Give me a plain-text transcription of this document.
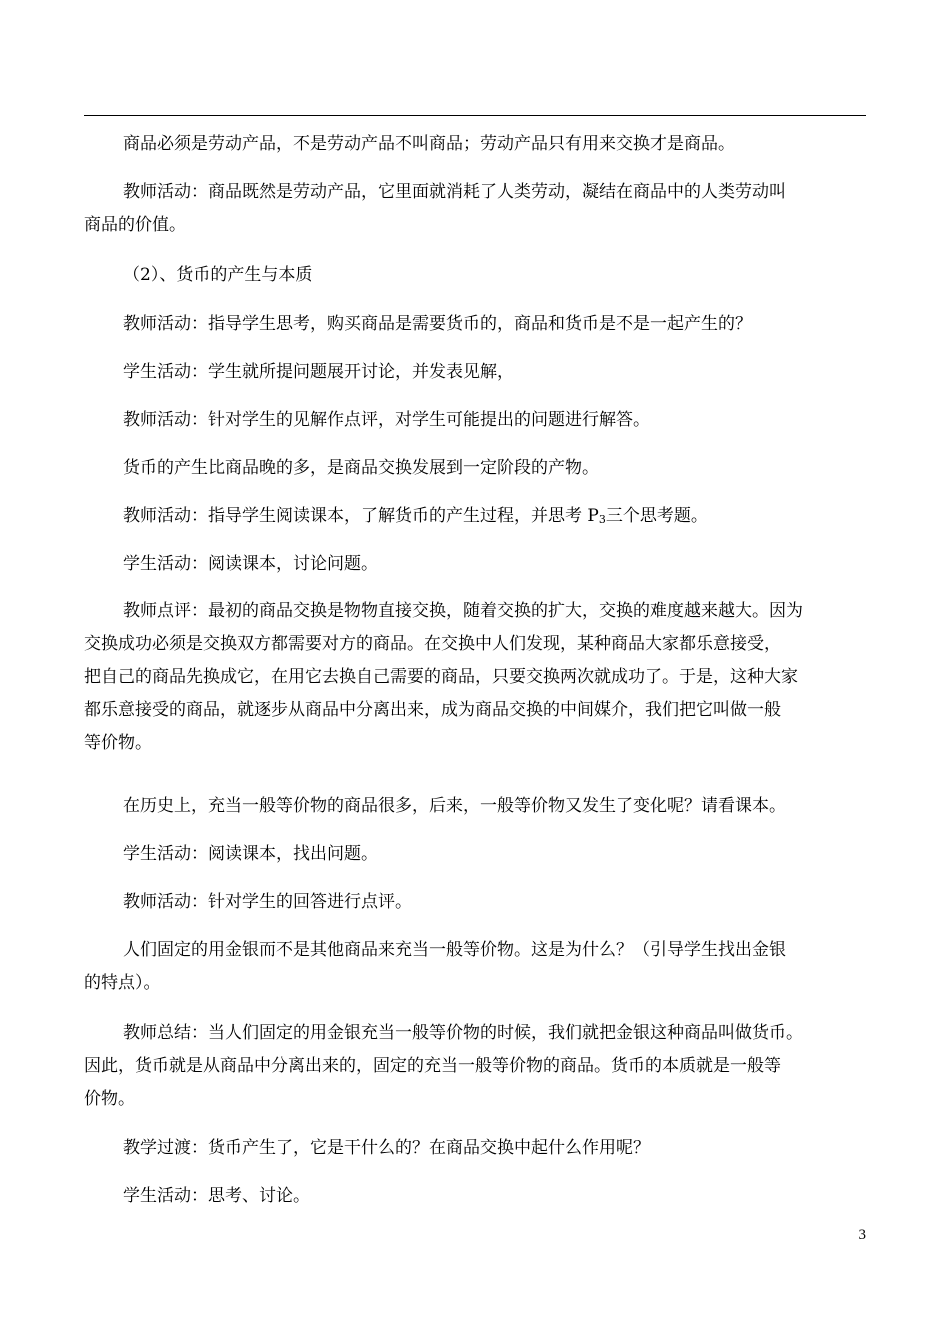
商品必须是劳动产品，不是劳动产品不叫商品；劳动产品只有用来交换才是商品。
教师活动：商品既然是劳动产品，它里面就消耗了人类劳动，凝结在商品中的人类劳动叫
商品的价值。
（2）、货币的产生与本质
教师活动：指导学生思考，购买商品是需要货币的，商品和货币是不是一起产生的？
学生活动：学生就所提问题展开讨论，并发表见解，
教师活动：针对学生的见解作点评，对学生可能提出的问题进行解答。
货币的产生比商品晚的多，是商品交换发展到一定阶段的产物。
教师活动：指导学生阅读课本，了解货币的产生过程，并思考 $P_3$三个思考题。
学生活动：阅读课本，讨论问题。
教师点评：最初的商品交换是物物直接交换，随着交换的扩大，交换的难度越来越大。因为
交换成功必须是交换双方都需要对方的商品。在交换中人们发现，某种商品大家都乐意接受，
把自己的商品先换成它，在用它去换自己需要的商品，只要交换两次就成功了。于是，这种大家
都乐意接受的商品，就逐步从商品中分离出来，成为商品交换的中间媒介，我们把它叫做一般
等价物。
在历史上，充当一般等价物的商品很多，后来，一般等价物又发生了变化呢？请看课本。
学生活动：阅读课本，找出问题。
教师活动：针对学生的回答进行点评。
人们固定的用金银而不是其他商品来充当一般等价物。这是为什么？（引导学生找出金银
的特点）。
教师总结：当人们固定的用金银充当一般等价物的时候，我们就把金银这种商品叫做货币。
因此，货币就是从商品中分离出来的，固定的充当一般等价物的商品。货币的本质就是一般等
价物。
教学过渡：货币产生了，它是干什么的？在商品交换中起什么作用呢？
学生活动：思考、讨论。
3
